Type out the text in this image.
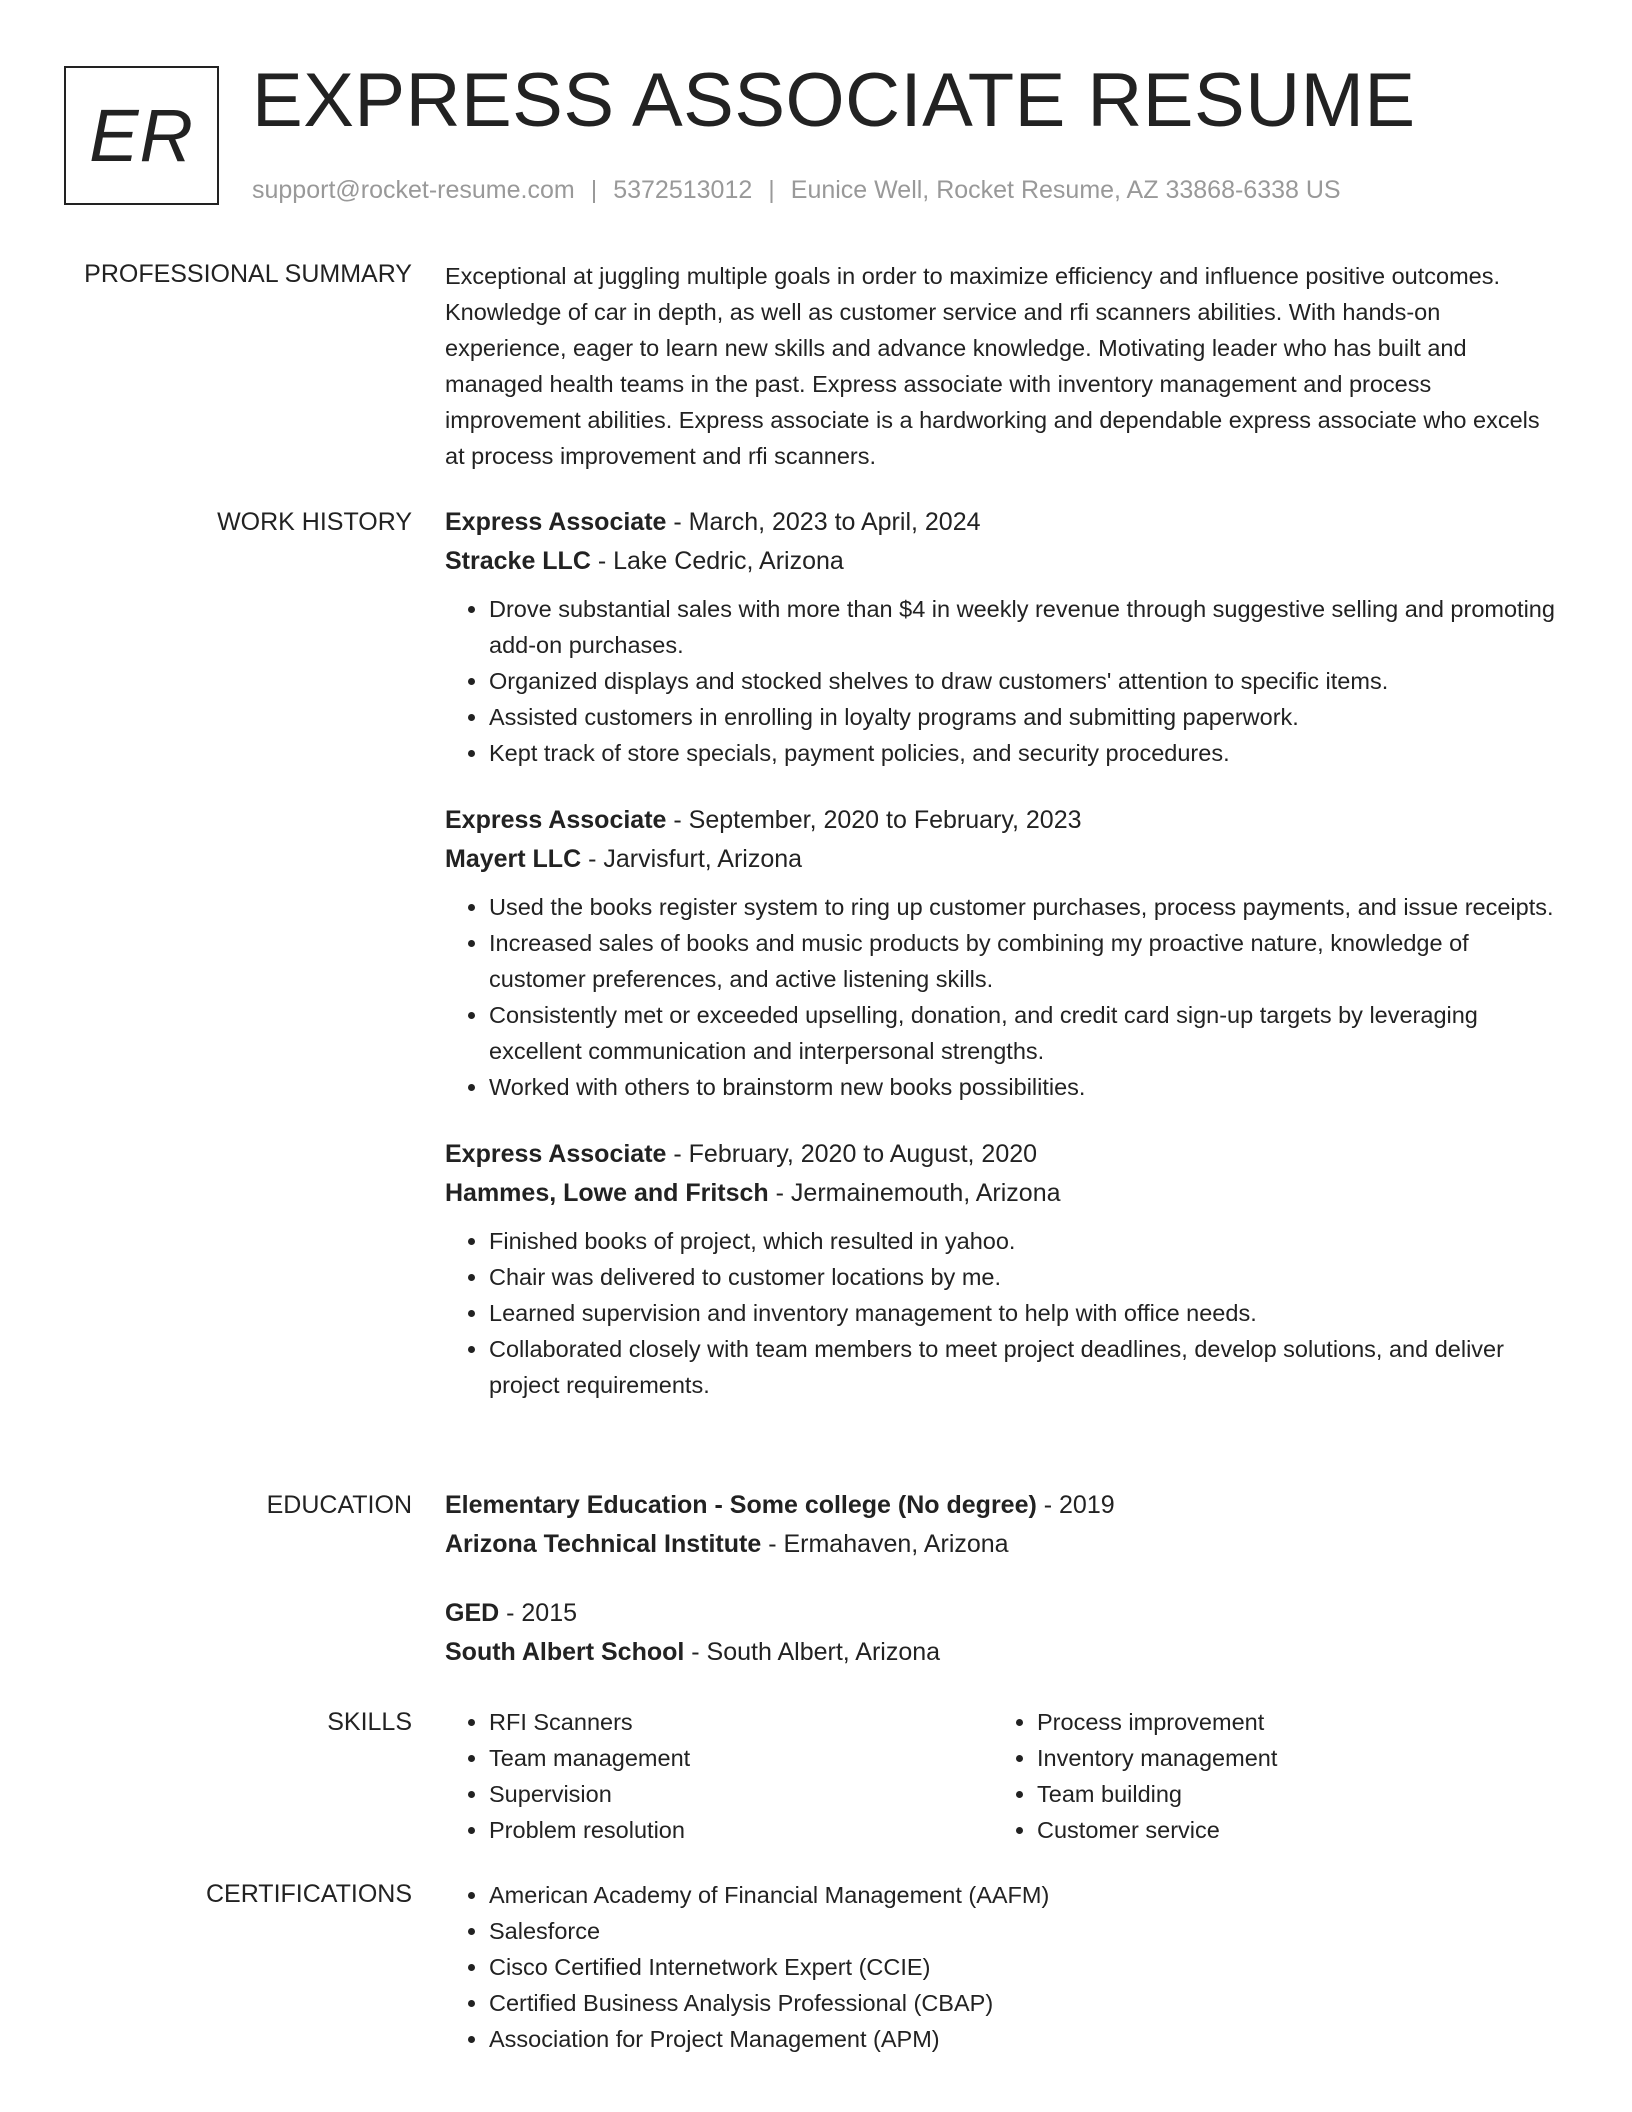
ER EXPRESS ASSOCIATE RESUME
support@rocket-resume.com | 5372513012 | Eunice Well, Rocket Resume, AZ 33868-6338 US
PROFESSIONAL SUMMARY Exceptional at juggling multiple goals in order to maximize efficiency and influence positive outcomes. Knowledge of car in depth, as well as customer service and rfi scanners abilities. With hands-on experience, eager to learn new skills and advance knowledge. Motivating leader who has built and managed health teams in the past. Express associate with inventory management and process improvement abilities. Express associate is a hardworking and dependable express associate who excels at process improvement and rfi scanners.

WORK HISTORY Express Associate - March, 2023 to April, 2024
Stracke LLC - Lake Cedric, Arizona
• Drove substantial sales with more than $4 in weekly revenue through suggestive selling and promoting add-on purchases.
• Organized displays and stocked shelves to draw customers' attention to specific items.
• Assisted customers in enrolling in loyalty programs and submitting paperwork.
• Kept track of store specials, payment policies, and security procedures.
Express Associate - September, 2020 to February, 2023
Mayert LLC - Jarvisfurt, Arizona
• Used the books register system to ring up customer purchases, process payments, and issue receipts.
• Increased sales of books and music products by combining my proactive nature, knowledge of customer preferences, and active listening skills.
• Consistently met or exceeded upselling, donation, and credit card sign-up targets by leveraging excellent communication and interpersonal strengths.
• Worked with others to brainstorm new books possibilities.
Express Associate - February, 2020 to August, 2020
Hammes, Lowe and Fritsch - Jermainemouth, Arizona
• Finished books of project, which resulted in yahoo.
• Chair was delivered to customer locations by me.
• Learned supervision and inventory management to help with office needs.
• Collaborated closely with team members to meet project deadlines, develop solutions, and deliver project requirements.
EDUCATION Elementary Education - Some college (No degree) - 2019
Arizona Technical Institute - Ermahaven, Arizona
GED - 2015
South Albert School - South Albert, Arizona
SKILLS	• RFI Scanners
• Team management
• Supervision
• Problem resolution
• Process improvement
• Inventory management
• Team building
• Customer service
CERTIFICATIONS	• American Academy of Financial Management (AAFM)
• Salesforce
• Cisco Certified Internetwork Expert (CCIE)
• Certified Business Analysis Professional (CBAP)
• Association for Project Management (APM)
